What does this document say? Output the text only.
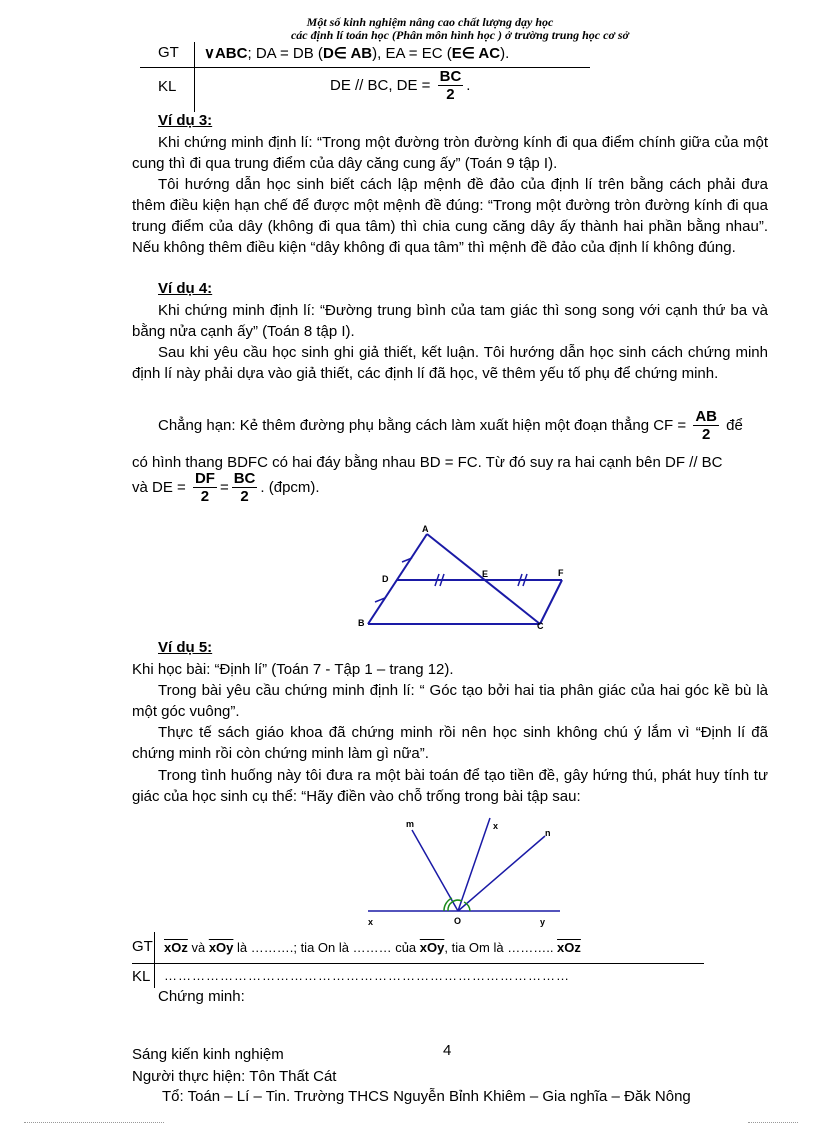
Một số kinh nghiệm nâng cao chất lượng dạy học
các định lí toán học (Phân môn hình học ) ở trường trung học cơ sở
GT ∨ABC; DA = DB (D∈ AB), EA = EC (E∈ AC).
KL	DE // BC, DE = $\frac{BC}{2}$ .
Ví dụ 3:
Khi chứng minh định lí: “Trong một đường tròn đường kính đi qua điểm chính giữa của một cung thì đi qua trung điểm của dây căng cung ấy” (Toán 9 tập I).
Tôi hướng dẫn học sinh biết cách lập mệnh đề đảo của định lí trên bằng cách phải đưa thêm điều kiện hạn chế để được một mệnh đề đúng: “Trong một đường tròn đường kính đi qua trung điểm của dây (không đi qua tâm) thì chia cung căng dây ấy thành hai phần bằng nhau”. Nếu không thêm điều kiện “dây không đi qua tâm” thì mệnh đề đảo của định lí không đúng.
Ví dụ 4:
Khi chứng minh định lí: “Đường trung bình của tam giác thì song song với cạnh thứ ba và bằng nửa cạnh ấy” (Toán 8 tập I).
Sau khi yêu cầu học sinh ghi giả thiết, kết luận. Tôi hướng dẫn học sinh cách chứng minh định lí này phải dựa vào giả thiết, các định lí đã học, vẽ thêm yếu tố phụ để chứng minh.
Chẳng hạn: Kẻ thêm đường phụ bằng cách làm xuất hiện một đoạn thẳng CF = $\frac{AB}{2}$ để
có hình thang BDFC có hai đáy bằng nhau BD = FC. Từ đó suy ra hai cạnh bên DF // BC
và DE = $\frac{DF}{2} = \frac{BC}{2}$ . (đpcm).
A
B	C
D	E	F
Ví dụ 5:
Khi học bài: “Định lí” (Toán 7 - Tập 1 – trang 12).
Trong bài yêu cầu chứng minh định lí: “ Góc tạo bởi hai tia phân giác của hai góc kề bù là một góc vuông”.
Thực tế sách giáo khoa đã chứng minh rồi nên học sinh không chú ý lắm vì “Định lí đã chứng minh rồi còn chứng minh làm gì nữa”.
Trong tình huống này tôi đưa ra một bài toán để tạo tiền đề, gây hứng thú, phát huy tính tư giác của học sinh cụ thể: “Hãy điền vào chỗ trống trong bài tập sau:
m	x
n
x	O	y
GT $\overline{xOz}$ và $\overline{xOy}$ là ……….; tia On là ……… của $\overline{xOy}$, tia Om là ……….. $\overline{xOz}$
KL ……………………………………………………………………………
Chứng minh:
Sáng kiến kinh nghiệm	4
Người thực hiện: Tôn Thất Cát
Tổ: Toán – Lí – Tin. Trường THCS Nguyễn Bỉnh Khiêm – Gia nghĩa – Đăk Nông
